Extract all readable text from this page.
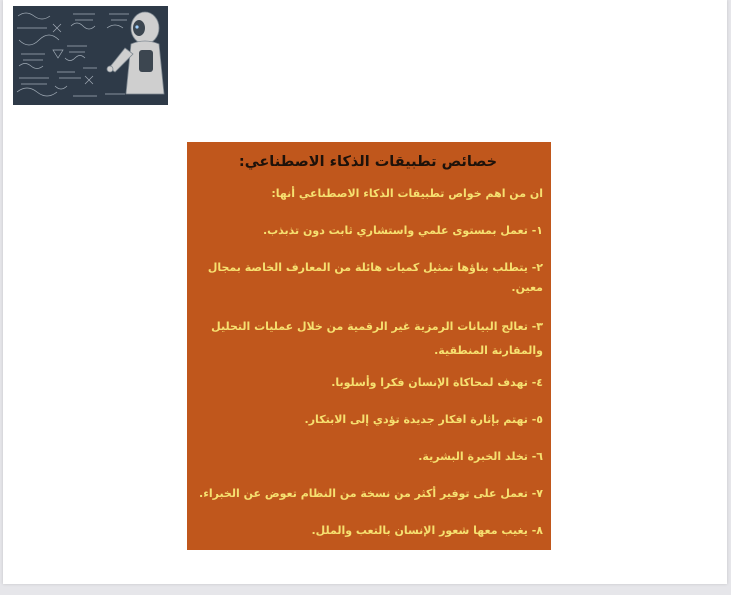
خصائص تطبيقات الذكاء الاصطناعي:
ان من اهم خواص تطبيقات الذكاء الاصطناعي أنها:
١- تعمل بمستوى علمي واستشاري ثابت دون تذبذب.
٢- يتطلب بناؤها تمثيل كميات هائلة من المعارف الخاصة بمجال معين.
٣- تعالج البيانات الرمزية غير الرقمية من خلال عمليات التحليل والمقارنة المنطقية.
٤- تهدف لمحاكاة الإنسان فكرا وأسلوبا.
٥- تهتم بإثارة افكار جديدة تؤدي إلى الابتكار.
٦- تخلد الخبرة البشرية.
٧- تعمل على توفير أكثر من نسخة من النظام تعوض عن الخبراء.
٨- يغيب معها شعور الإنسان بالتعب والملل.
